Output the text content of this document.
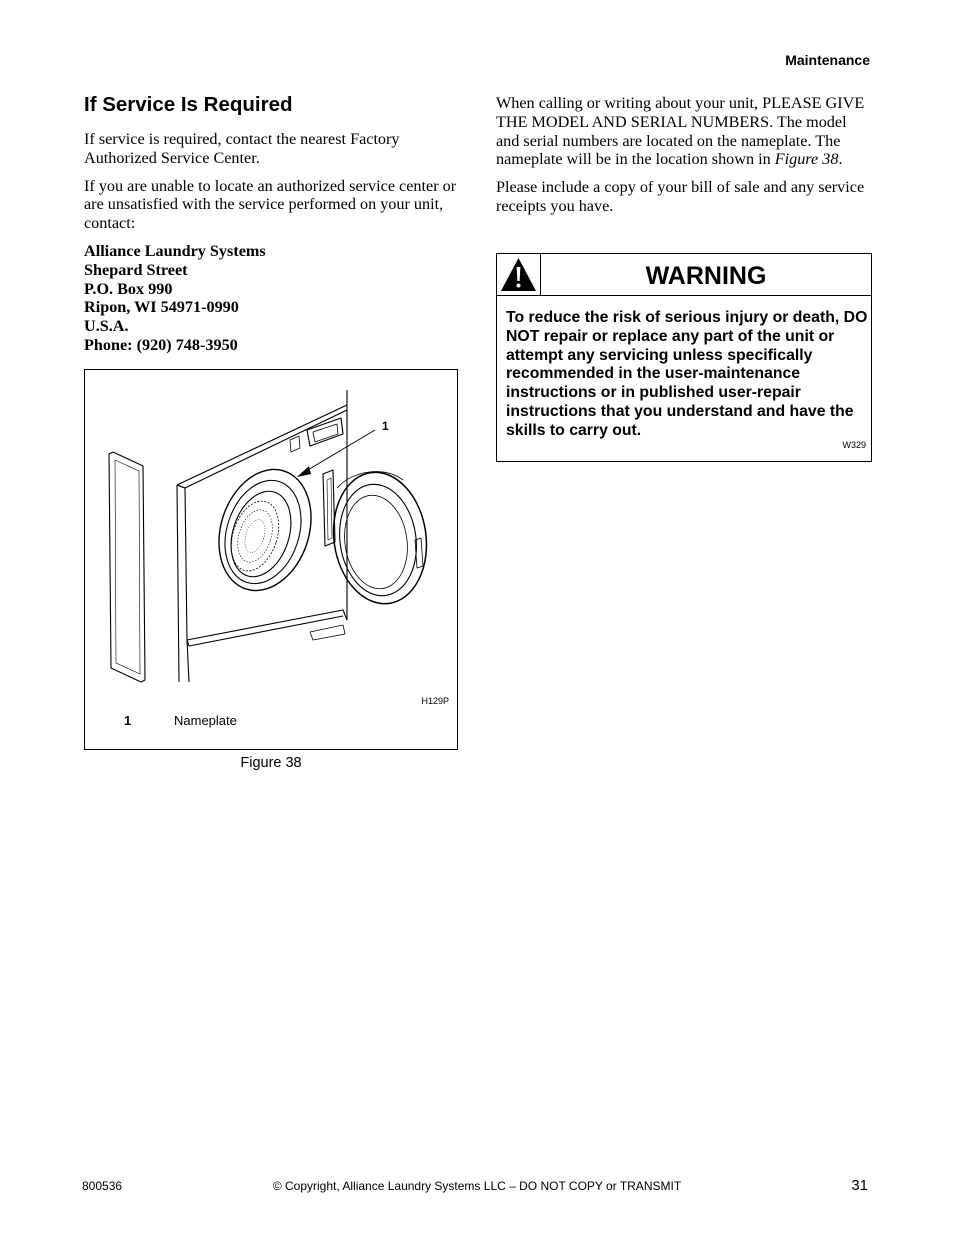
Maintenance
If Service Is Required

If service is required, contact the nearest Factory Authorized Service Center.

If you are unable to locate an authorized service center or are unsatisfied with the service performed on your unit, contact:

Alliance Laundry Systems
Shepard Street
P.O. Box 990
Ripon, WI 54971-0990
U.S.A.
Phone: (920) 748-3950
1
H129P
1	Nameplate
Figure 38

When calling or writing about your unit, PLEASE GIVE THE MODEL AND SERIAL NUMBERS. The model and serial numbers are located on the nameplate. The nameplate will be in the location shown in Figure 38.

Please include a copy of your bill of sale and any service receipts you have.

WARNING
To reduce the risk of serious injury or death, DO NOT repair or replace any part of the unit or attempt any servicing unless specifically recommended in the user-maintenance instructions or in published user-repair instructions that you understand and have the skills to carry out.
W329
© Copyright, Alliance Laundry Systems LLC – DO NOT COPY or TRANSMIT
800536	31
